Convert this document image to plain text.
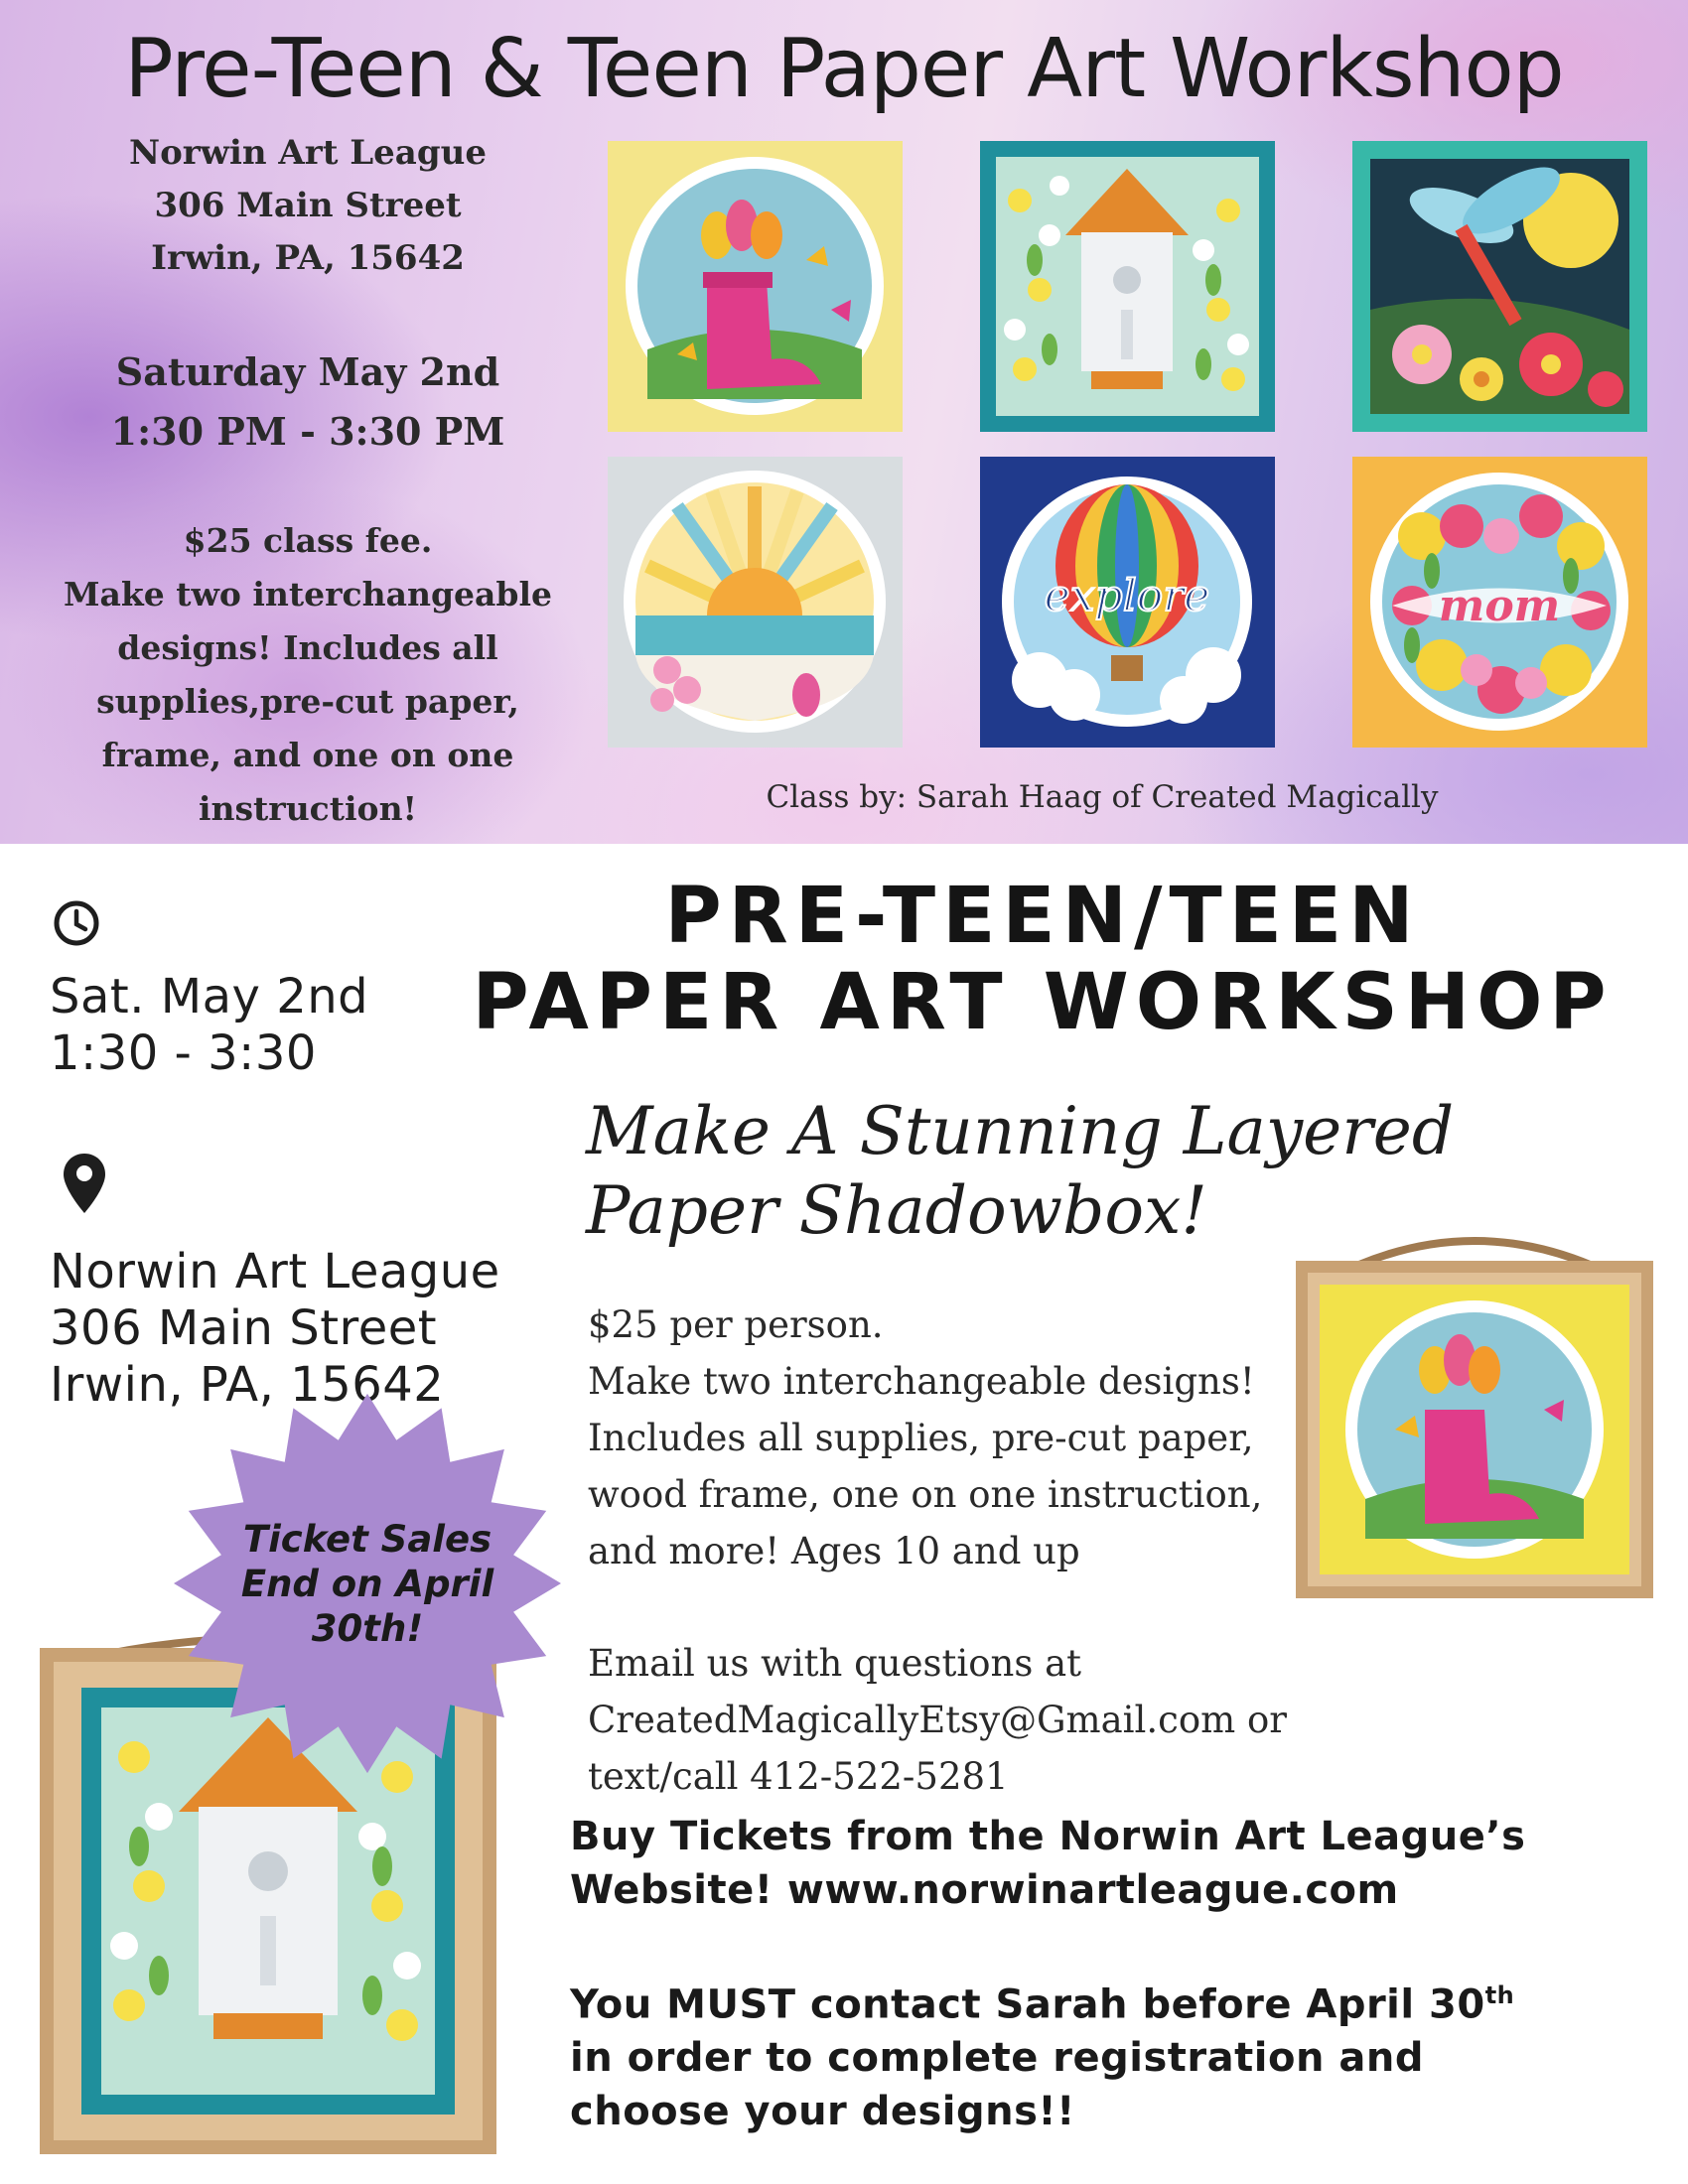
Pre-Teen & Teen Paper Art Workshop
Norwin Art League
306 Main Street
Irwin, PA, 15642
Saturday May 2nd
1:30 PM - 3:30 PM
$25 class fee.
Make two interchangeable
designs! Includes all
supplies,pre-cut paper,
frame, and one on one
instruction!
explore	mom
Class by: Sarah Haag of Created Magically
Sat. May 2nd
1:30 - 3:30
Norwin Art League
306 Main Street
Irwin, PA, 15642
PRE-TEEN/TEEN
PAPER ART WORKSHOP
Make A Stunning Layered
Paper Shadowbox!
$25 per person.
Make two interchangeable designs!
Includes all supplies, pre-cut paper,
wood frame, one on one instruction,
and more! Ages 10 and up
Email us with questions at
CreatedMagicallyEtsy@Gmail.com or
text/call 412-522-5281
Buy Tickets from the Norwin Art League’s
Website! www.norwinartleague.com
You MUST contact Sarah before April 30th
in order to complete registration and
choose your designs!!
Ticket Sales
End on April
30th!
